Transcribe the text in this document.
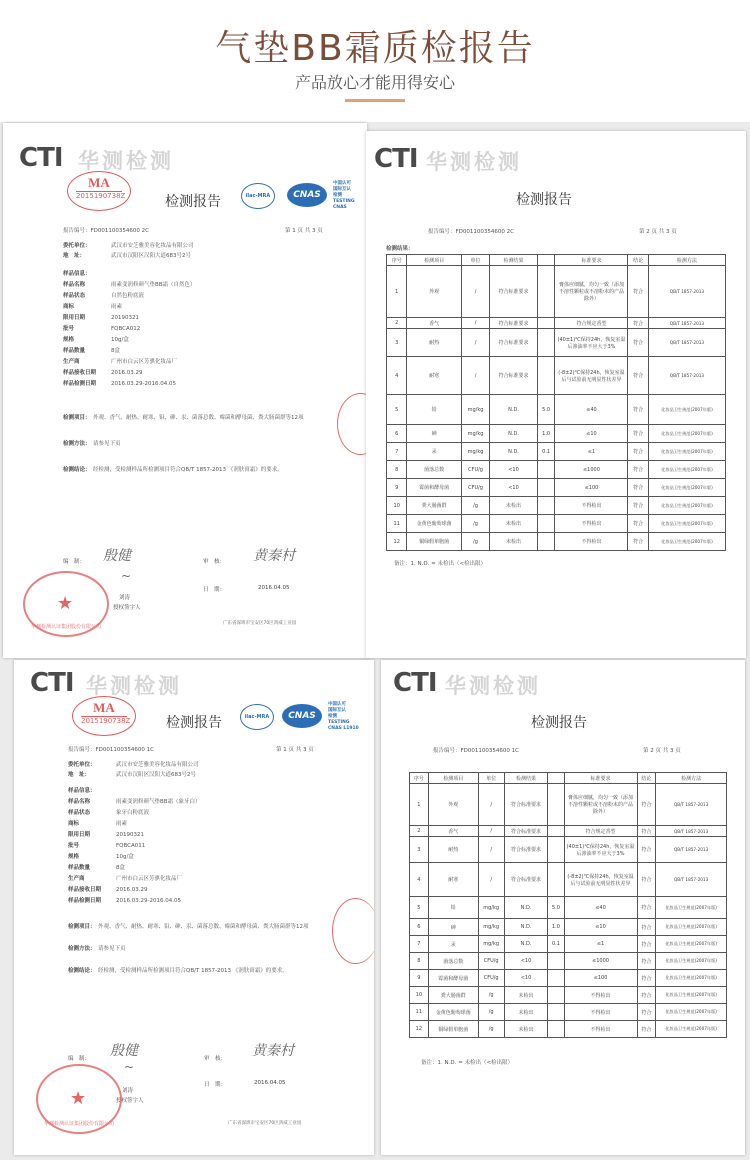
气垫BB霜质检报告
产品放心才能用得安心
CTI 华测检测
MA
2015190738Z	检测报告	ilac-MRA	CNAS
中国认可
国际互认
检测
TESTING
CNAS
报告编号：FD001100354600 2C	第 1 页 共 3 页
委托单位：	武汉市安芝雅美容化妆品有限公司
地　址：	武汉市汉阳区汉阳大道683号2号
样品信息：
样品名称	雨素变润修颜气垫BB霜（自然色）
样品状态	自然色粉底液
商标	雨素
限用日期	20190321
批号	FQBCA012
规格	10g/盒
样品数量	8盒
生产商	广州市白云区芳骐化妆品厂
样品接收日期	2016.03.29
样品检测日期	2016.03.29-2016.04.05
检测项目： 外观、香气、耐热、耐寒、铅、砷、汞、菌落总数、霉菌和酵母菌、粪大肠菌群等12项
检测方法： 请参见下页
检测结论： 经检测，受检测样品所检测项目符合QB/T 1857-2013 《润肤膏霜》的要求。
编　制： 殷健	审　核： 黄秦村
日　期：	2016.04.05
~
刘涛
授权签字人
★
华测检测认证集团股份有限公司
广东省深圳市宝安区70区鸿威工业园
CTI 华测检测
检测报告
报告编号：FD001100354600 2C	第 2 页 共 3 页
检测结果：
序号	检测项目	单位	检测结果		标准要求	结论	检测方法
1	外观	/	符合标准要求		膏体应细腻，均匀一致（添加不溶性颗粒或不溶粉末的产品除外）	符合	QB/T 1857-2013
2	香气	/	符合标准要求		符合规定香型	符合	QB/T 1857-2013
3	耐热	/	符合标准要求		(40±1)℃保持24h，恢复室温后渗油率不应大于3%	符合	QB/T 1857-2013
4	耐寒	/	符合标准要求		(-8±2)℃保持24h，恢复室温后与试验前无明显性状差异	符合	QB/T 1857-2013
5	铅	mg/kg	N.D.	5.0	≤40	符合	化妆品卫生规范(2007年版)
6	砷	mg/kg	N.D.	1.0	≤10	符合	化妆品卫生规范(2007年版)
7	汞	mg/kg	N.D.	0.1	≤1	符合	化妆品卫生规范(2007年版)
8	菌落总数	CFU/g	<10		≤1000	符合	化妆品卫生规范(2007年版)
9	霉菌和酵母菌	CFU/g	<10		≤100	符合	化妆品卫生规范(2007年版)
10	粪大肠菌群	/g	未检出		不得检出	符合	化妆品卫生规范(2007年版)
11	金黄色葡萄球菌	/g	未检出		不得检出	符合	化妆品卫生规范(2007年版)
12	铜绿假单胞菌	/g	未检出		不得检出	符合	化妆品卫生规范(2007年版)
备注：1. N.D. = 未检出（<检出限）
CTI 华测检测
MA
2015190738Z	检测报告	ilac-MRA	CNAS
中国认可
国际互认
检测
TESTING
CNAS L1910
报告编号：FD001100354600 1C	第 1 页 共 3 页
委托单位：	武汉市安芝雅美容化妆品有限公司
地　址：	武汉市汉阳区汉阳大道683号2号
样品信息：
样品名称	雨素变润修颜气垫BB霜（象牙白）
样品状态	象牙白粉底液
商标	雨素
限用日期	20190321
批号	FQBCA011
规格	10g/盒
样品数量	8盒
生产商	广州市白云区芳骐化妆品厂
样品接收日期	2016.03.29
样品检测日期	2016.03.29-2016.04.05
检测项目： 外观、香气、耐热、耐寒、铅、砷、汞、菌落总数、霉菌和酵母菌、粪大肠菌群等12项
检测方法： 请参见下页
检测结论： 经检测，受检测样品所检测项目符合QB/T 1857-2013 《润肤膏霜》的要求。
编　制： 殷健	审　核： 黄秦村
日　期：	2016.04.05
~
刘涛
授权签字人
★
华测检测认证集团股份有限公司	广东省深圳市宝安区70区鸿威工业园
CTI 华测检测
检测报告
报告编号：FD001100354600 1C	第 2 页 共 3 页
序号	检测项目	单位	检测结果		标准要求	结论	检测方法
1	外观	/	符合标准要求		膏体应细腻，均匀一致（添加不溶性颗粒或不溶粉末的产品除外）	符合	QB/T 1857-2013
2	香气	/	符合标准要求		符合规定香型	符合	QB/T 1857-2013
3	耐热	/	符合标准要求		(40±1)℃保持24h，恢复室温后渗油率不应大于3%	符合	QB/T 1857-2013
4	耐寒	/	符合标准要求		(-8±2)℃保持24h，恢复室温后与试验前无明显性状差异	符合	QB/T 1857-2013
5	铅	mg/kg	N.D.	5.0	≤40	符合	化妆品卫生规范(2007年版)
6	砷	mg/kg	N.D.	1.0	≤10	符合	化妆品卫生规范(2007年版)
7	汞	mg/kg	N.D.	0.1	≤1	符合	化妆品卫生规范(2007年版)
8	菌落总数	CFU/g	<10		≤1000	符合	化妆品卫生规范(2007年版)
9	霉菌和酵母菌	CFU/g	<10		≤100	符合	化妆品卫生规范(2007年版)
10	粪大肠菌群	/g	未检出		不得检出	符合	化妆品卫生规范(2007年版)
11	金黄色葡萄球菌	/g	未检出		不得检出	符合	化妆品卫生规范(2007年版)
12	铜绿假单胞菌	/g	未检出		不得检出	符合	化妆品卫生规范(2007年版)
备注：1. N.D. = 未检出（<检出限）
